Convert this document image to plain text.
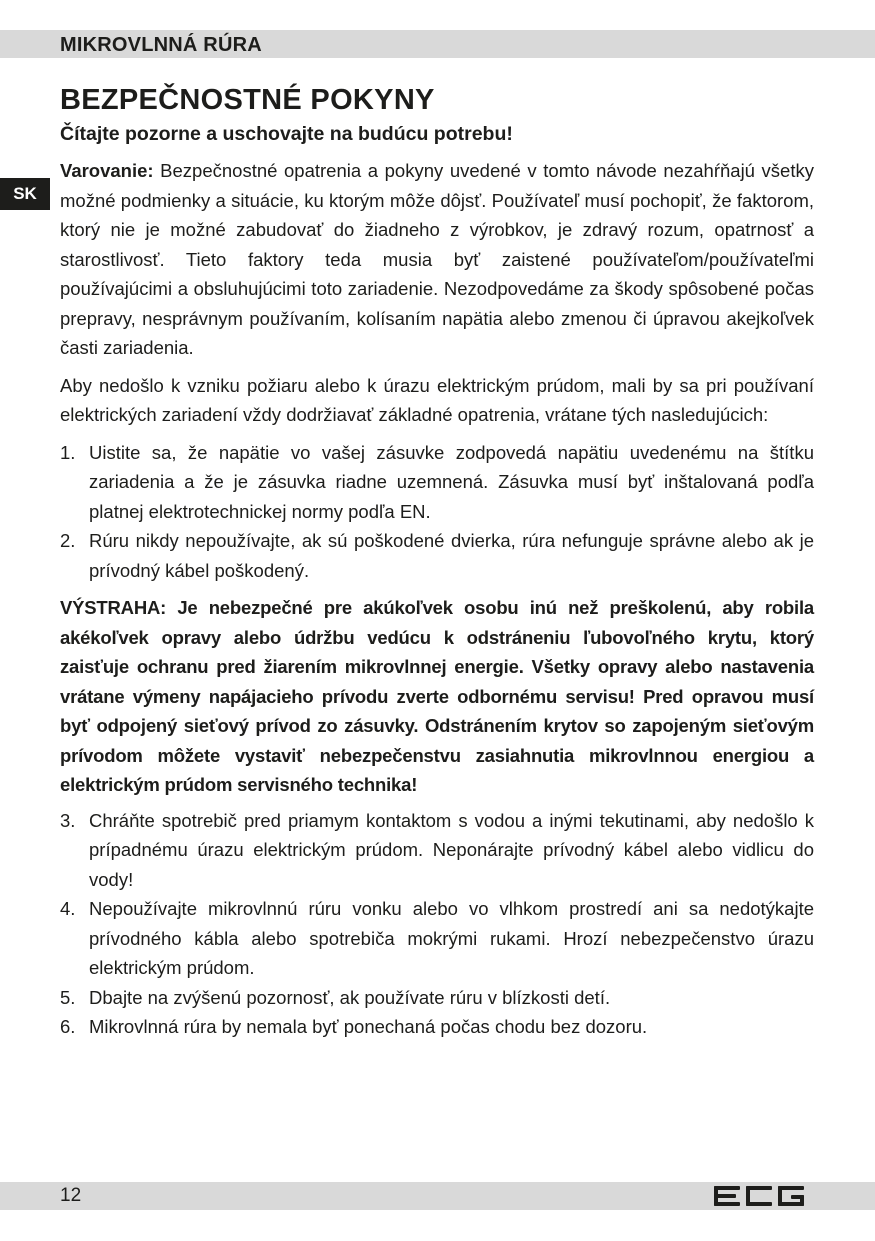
MIKROVLNNÁ RÚRA
SK
BEZPEČNOSTNÉ POKYNY
Čítajte pozorne a uschovajte na budúcu potrebu!

Varovanie: Bezpečnostné opatrenia a pokyny uvedené v tomto návode nezahŕňajú všetky možné podmienky a situácie, ku ktorým môže dôjsť. Používateľ musí pochopiť, že faktorom, ktorý nie je možné zabudovať do žiadneho z výrobkov, je zdravý rozum, opatrnosť a starostlivosť. Tieto faktory teda musia byť zaistené používateľom/používateľmi používajúcimi a obsluhujúcimi toto zariadenie. Nezodpovedáme za škody spôsobené počas prepravy, nesprávnym používaním, kolísaním napätia alebo zmenou či úpravou akejkoľvek časti zariadenia.

Aby nedošlo k vzniku požiaru alebo k úrazu elektrickým prúdom, mali by sa pri používaní elektrických zariadení vždy dodržiavať základné opatrenia, vrátane tých nasledujúcich:

1. Uistite sa, že napätie vo vašej zásuvke zodpovedá napätiu uvedenému na štítku zariadenia a že je zásuvka riadne uzemnená. Zásuvka musí byť inštalovaná podľa platnej elektrotechnickej normy podľa EN.
2. Rúru nikdy nepoužívajte, ak sú poškodené dvierka, rúra nefunguje správne alebo ak je prívodný kábel poškodený.
VÝSTRAHA: Je nebezpečné pre akúkoľvek osobu inú než preškolenú, aby robila akékoľvek opravy alebo údržbu vedúcu k odstráneniu ľubovoľného krytu, ktorý zaisťuje ochranu pred žiarením mikrovlnnej energie. Všetky opravy alebo nastavenia vrátane výmeny napájacieho prívodu zverte odbornému servisu! Pred opravou musí byť odpojený sieťový prívod zo zásuvky. Odstránením krytov so zapojeným sieťovým prívodom môžete vystaviť nebezpečenstvu zasiahnutia mikrovlnnou energiou a elektrickým prúdom servisného technika!
3. Chráňte spotrebič pred priamym kontaktom s vodou a inými tekutinami, aby nedošlo k prípadnému úrazu elektrickým prúdom. Neponárajte prívodný kábel alebo vidlicu do vody!
4. Nepoužívajte mikrovlnnú rúru vonku alebo vo vlhkom prostredí ani sa nedotýkajte prívodného kábla alebo spotrebiča mokrými rukami. Hrozí nebezpečenstvo úrazu elektrickým prúdom.
5. Dbajte na zvýšenú pozornosť, ak používate rúru v blízkosti detí.
6. Mikrovlnná rúra by nemala byť ponechaná počas chodu bez dozoru.
12
